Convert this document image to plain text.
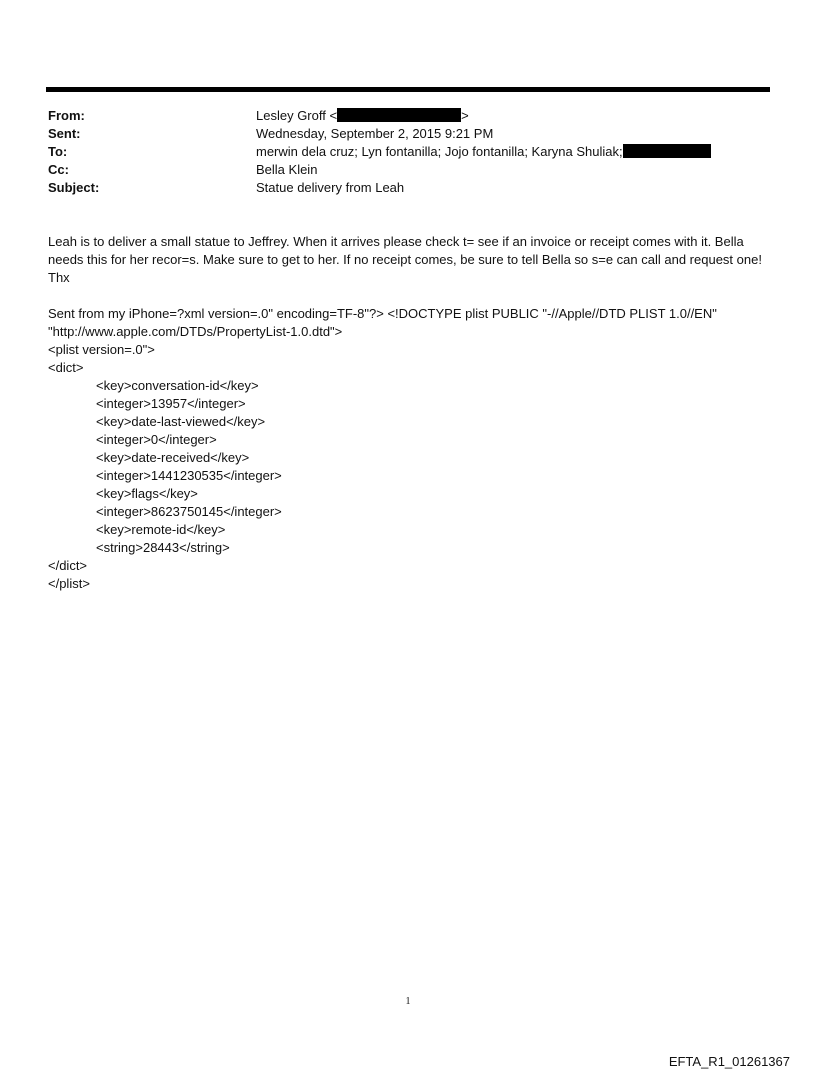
From:	Lesley Groff <	>
Sent:	Wednesday, September 2, 2015 9:21 PM
To:	merwin dela cruz; Lyn fontanilla; Jojo fontanilla; Karyna Shuliak;
Cc:	Bella Klein
Subject:	Statue delivery from Leah

Leah is to deliver a small statue to Jeffrey. When it arrives please check t= see if an invoice or receipt comes with it. Bella needs this for her recor=s. Make sure to get to her. If no receipt comes, be sure to tell Bella so s=e can call and request one! Thx

Sent from my iPhone=?xml version=.0" encoding=TF-8"?> <!DOCTYPE plist PUBLIC "-//Apple//DTD PLIST 1.0//EN"
"http://www.apple.com/DTDs/PropertyList-1.0.dtd">
<plist version=.0">
<dict>
<key>conversation-id</key>
<integer>13957</integer>
<key>date-last-viewed</key>
<integer>0</integer>
<key>date-received</key>
<integer>1441230535</integer>
<key>flags</key>
<integer>8623750145</integer>
<key>remote-id</key>
<string>28443</string>
</dict>
</plist>
1
EFTA_R1_01261367
